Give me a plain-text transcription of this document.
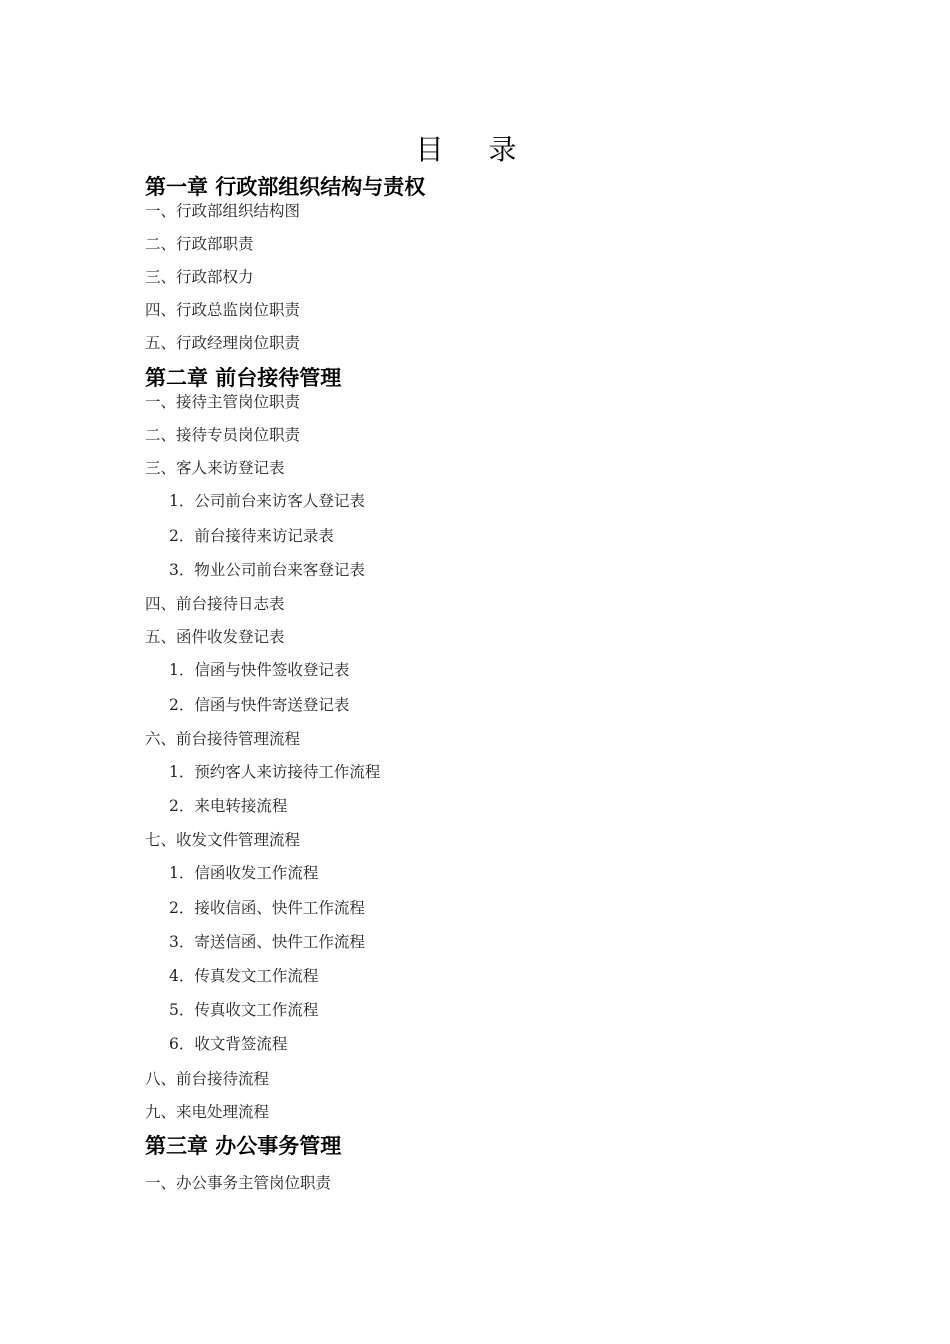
目 录
第一章 行政部组织结构与责权
一、行政部组织结构图
二、行政部职责
三、行政部权力
四、行政总监岗位职责
五、行政经理岗位职责
第二章 前台接待管理
一、接待主管岗位职责
二、接待专员岗位职责
三、客人来访登记表
1．公司前台来访客人登记表
2．前台接待来访记录表
3．物业公司前台来客登记表
四、前台接待日志表
五、函件收发登记表
1．信函与快件签收登记表
2．信函与快件寄送登记表
六、前台接待管理流程
1．预约客人来访接待工作流程
2．来电转接流程
七、收发文件管理流程
1．信函收发工作流程
2．接收信函、快件工作流程
3．寄送信函、快件工作流程
4．传真发文工作流程
5．传真收文工作流程
6．收文背签流程
八、前台接待流程
九、来电处理流程
第三章 办公事务管理
一、办公事务主管岗位职责
